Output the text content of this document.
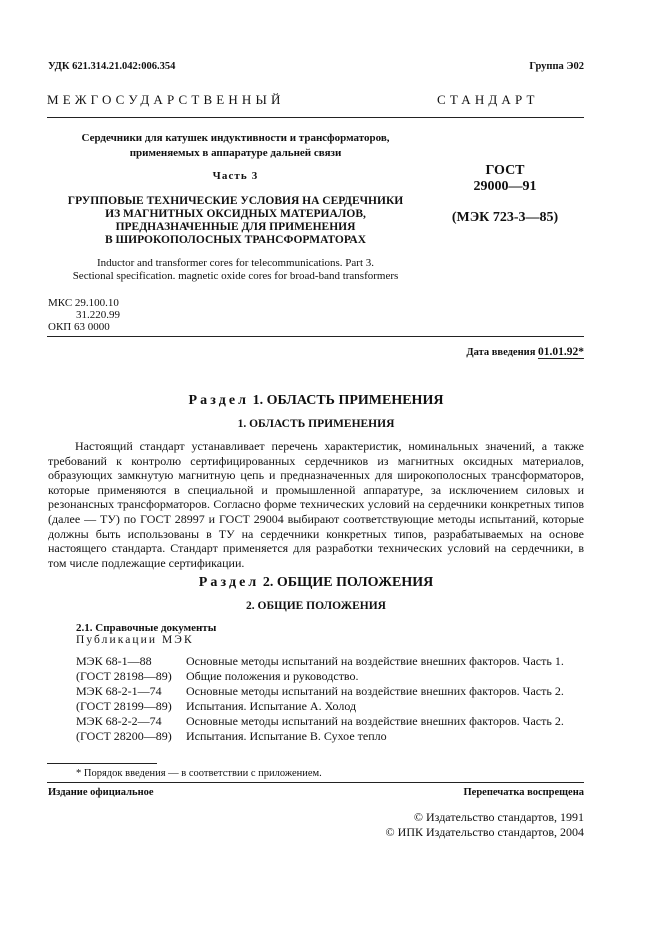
УДК 621.314.21.042:006.354	Группа Э02
МЕЖГОСУДАРСТВЕННЫЙ	СТАНДАРТ
Сердечники для катушек индуктивности и трансформаторов,
применяемых в аппаратуре дальней связи
Часть 3
ГРУППОВЫЕ ТЕХНИЧЕСКИЕ УСЛОВИЯ НА СЕРДЕЧНИКИ
ИЗ МАГНИТНЫХ ОКСИДНЫХ МАТЕРИАЛОВ,
ПРЕДНАЗНАЧЕННЫЕ ДЛЯ ПРИМЕНЕНИЯ
В ШИРОКОПОЛОСНЫХ ТРАНСФОРМАТОРАХ
Inductor and transformer cores for telecommunications. Part 3.
Sectional specification. magnetic oxide cores for broad-band transformers
ГОСТ
29000—91
(МЭК 723-3—85)
МКС 29.100.10
31.220.99
ОКП 63 0000
Дата введения 01.01.92*
Раздел 1. ОБЛАСТЬ ПРИМЕНЕНИЯ
1. ОБЛАСТЬ ПРИМЕНЕНИЯ
Настоящий стандарт устанавливает перечень характеристик, номинальных значений, а также требований к контролю сертифицированных сердечников из магнитных оксидных материалов, образующих замкнутую магнитную цепь и предназначенных для широкополосных трансформаторов, которые применяются в специальной и промышленной аппаратуре, за исключением силовых и резонансных трансформаторов. Согласно форме технических условий на сердечники конкретных типов (далее — ТУ) по ГОСТ 28997 и ГОСТ 29004 выбирают соответствующие методы испытаний, которые должны быть использованы в ТУ на сердечники конкретных типов, разрабатываемых на основе настоящего стандарта. Стандарт применяется для разработки технических условий на сердечники, в том числе подлежащие сертификации.
Раздел 2. ОБЩИЕ ПОЛОЖЕНИЯ
2. ОБЩИЕ ПОЛОЖЕНИЯ
2.1. Справочные документы
Публикации МЭК
МЭК 68-1—88	Основные методы испытаний на воздействие внешних факторов. Часть 1.
(ГОСТ 28198—89) Общие положения и руководство.
МЭК 68-2-1—74 Основные методы испытаний на воздействие внешних факторов. Часть 2.
(ГОСТ 28199—89) Испытания. Испытание А. Холод
МЭК 68-2-2—74 Основные методы испытаний на воздействие внешних факторов. Часть 2.
(ГОСТ 28200—89) Испытания. Испытание В. Сухое тепло
* Порядок введения — в соответствии с приложением.
Издание официальное	Перепечатка воспрещена
© Издательство стандартов, 1991
© ИПК Издательство стандартов, 2004
